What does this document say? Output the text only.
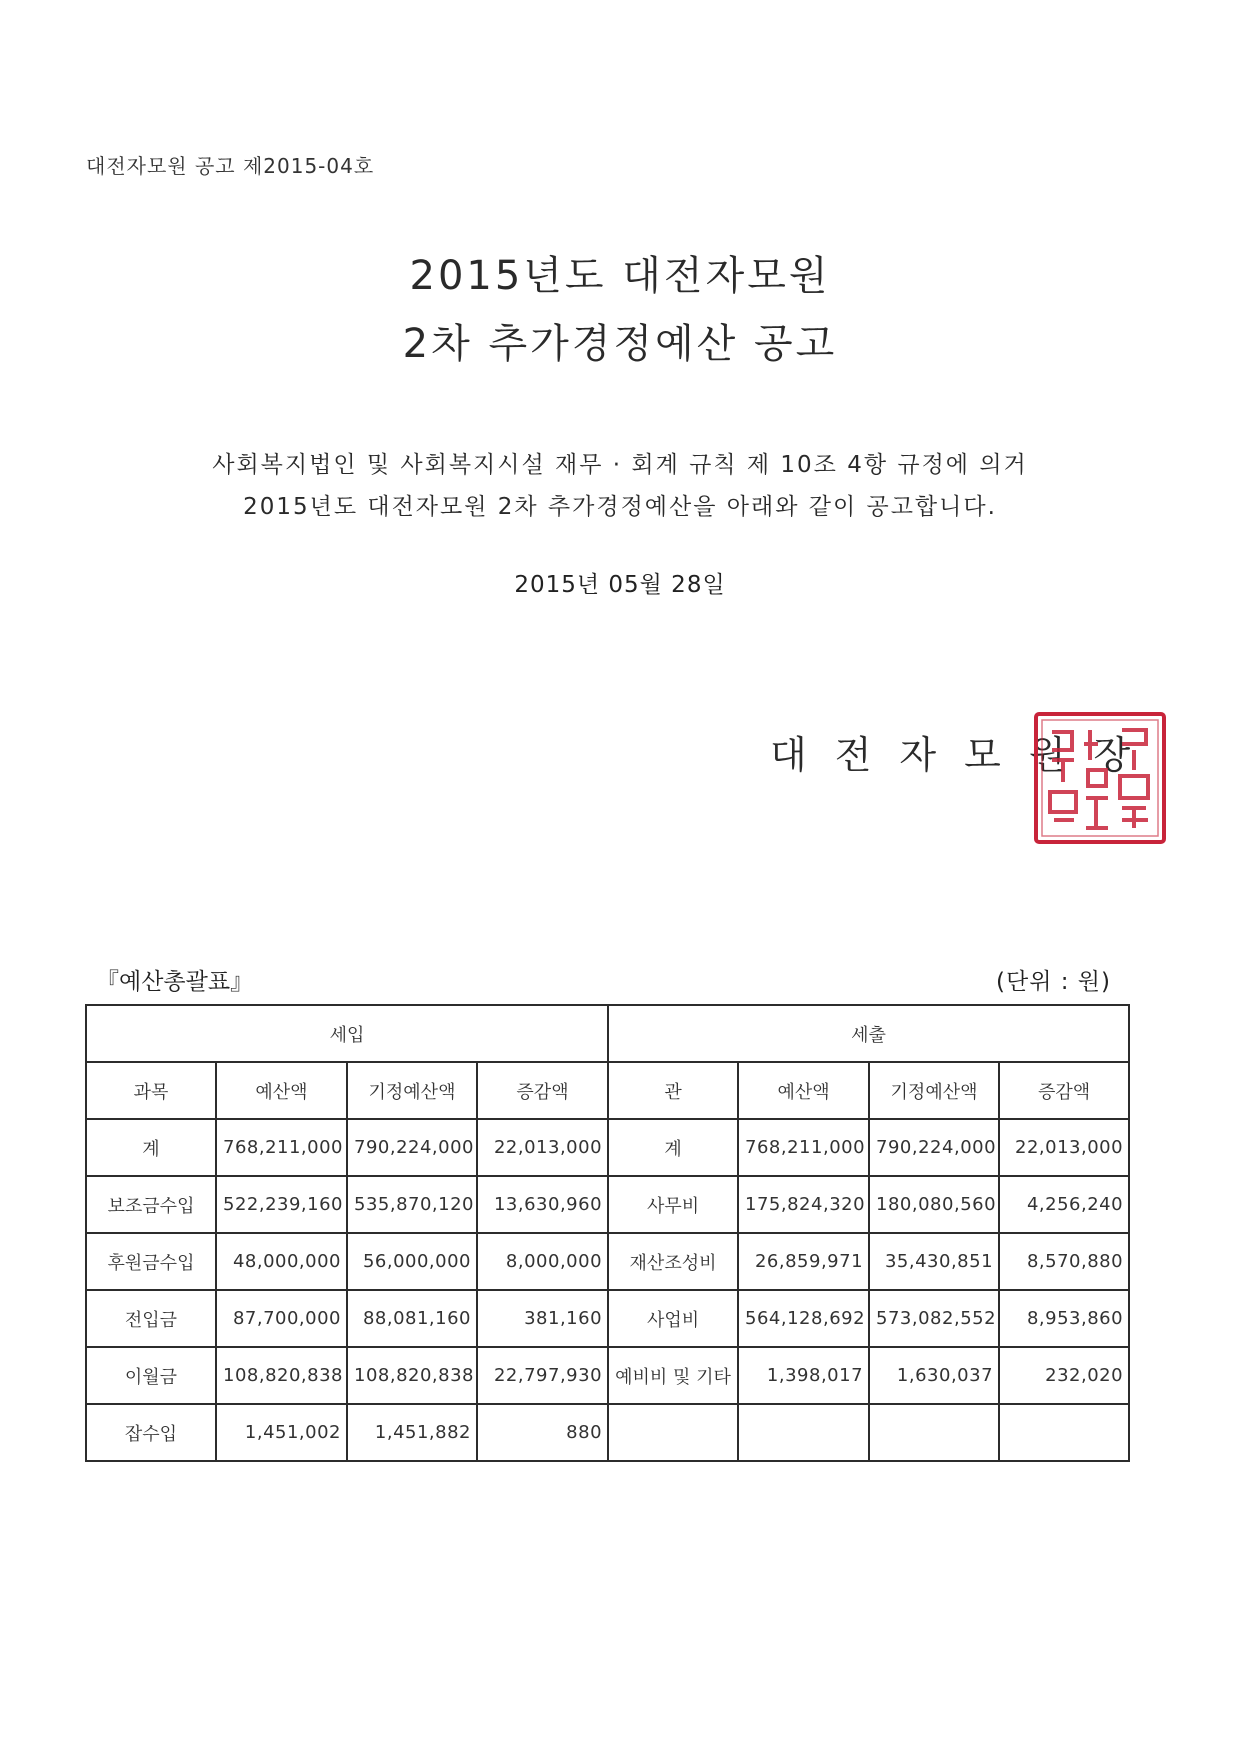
대전자모원 공고 제2015-04호
2015년도 대전자모원
2차 추가경정예산 공고
사회복지법인 및 사회복지시설 재무 · 회계 규칙 제 10조 4항 규정에 의거
2015년도 대전자모원 2차 추가경정예산을 아래와 같이 공고합니다.
2015년 05월 28일
대전자모원장
『예산총괄표』	(단위 : 원)
세입				세출			
과목	예산액	기정예산액	증감액	관	예산액	기정예산액	증감액
계	768,211,000	790,224,000	22,013,000	계	768,211,000	790,224,000	22,013,000
보조금수입	522,239,160	535,870,120	13,630,960	사무비	175,824,320	180,080,560	4,256,240
후원금수입	48,000,000	56,000,000	8,000,000	재산조성비	26,859,971	35,430,851	8,570,880
전입금	87,700,000	88,081,160	381,160	사업비	564,128,692	573,082,552	8,953,860
이월금	108,820,838	108,820,838	22,797,930	예비비 및 기타	1,398,017	1,630,037	232,020
잡수입	1,451,002	1,451,882	880				
